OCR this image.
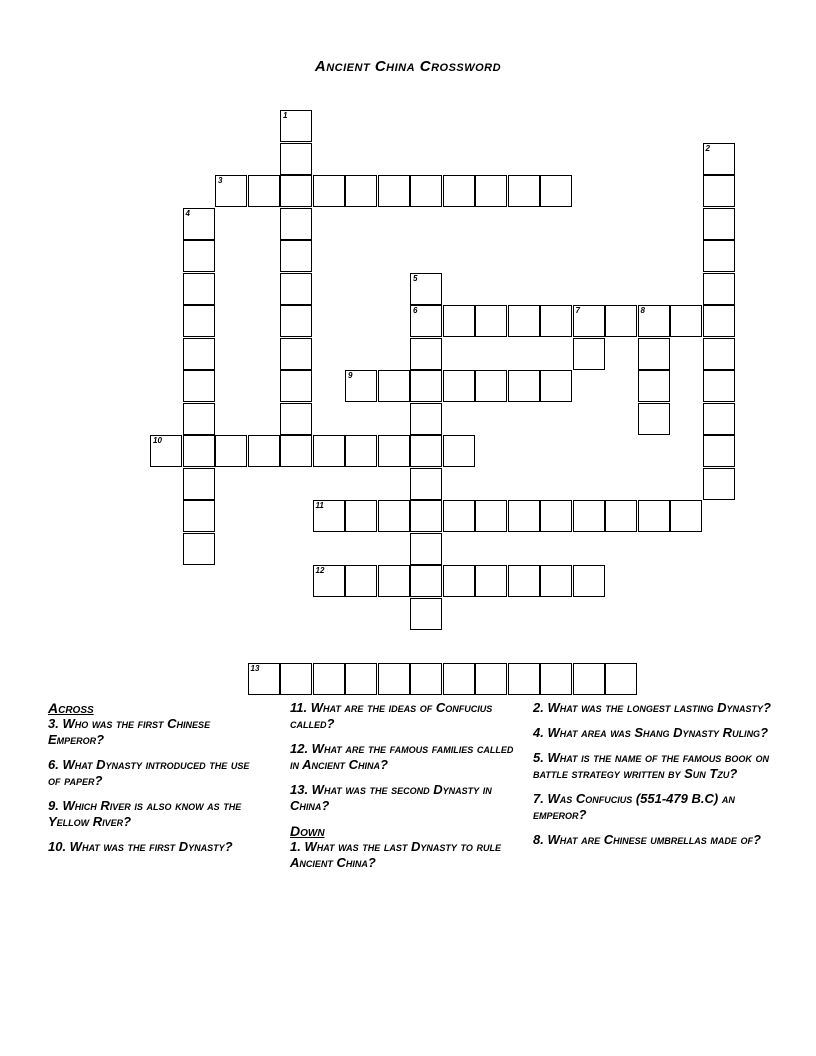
Ancient China Crossword
3
6	7	8
9
10
11
12
13
1
2
4
5
Across
3. Who was the first Chinese Emperor?
6. What Dynasty introduced the use of paper?
9. Which River is also know as the Yellow River?
10. What was the first Dynasty?
11. What are the ideas of Confucius called?
12. What are the famous families called in Ancient China?
13. What was the second Dynasty in China?
Down
1. What was the last Dynasty to rule Ancient China?
2. What was the longest lasting Dynasty?
4. What area was Shang Dynasty Ruling?
5. What is the name of the famous book on battle strategy written by Sun Tzu?
7. Was Confucius (551-479 B.C) an emperor?
8. What are Chinese umbrellas made of?
